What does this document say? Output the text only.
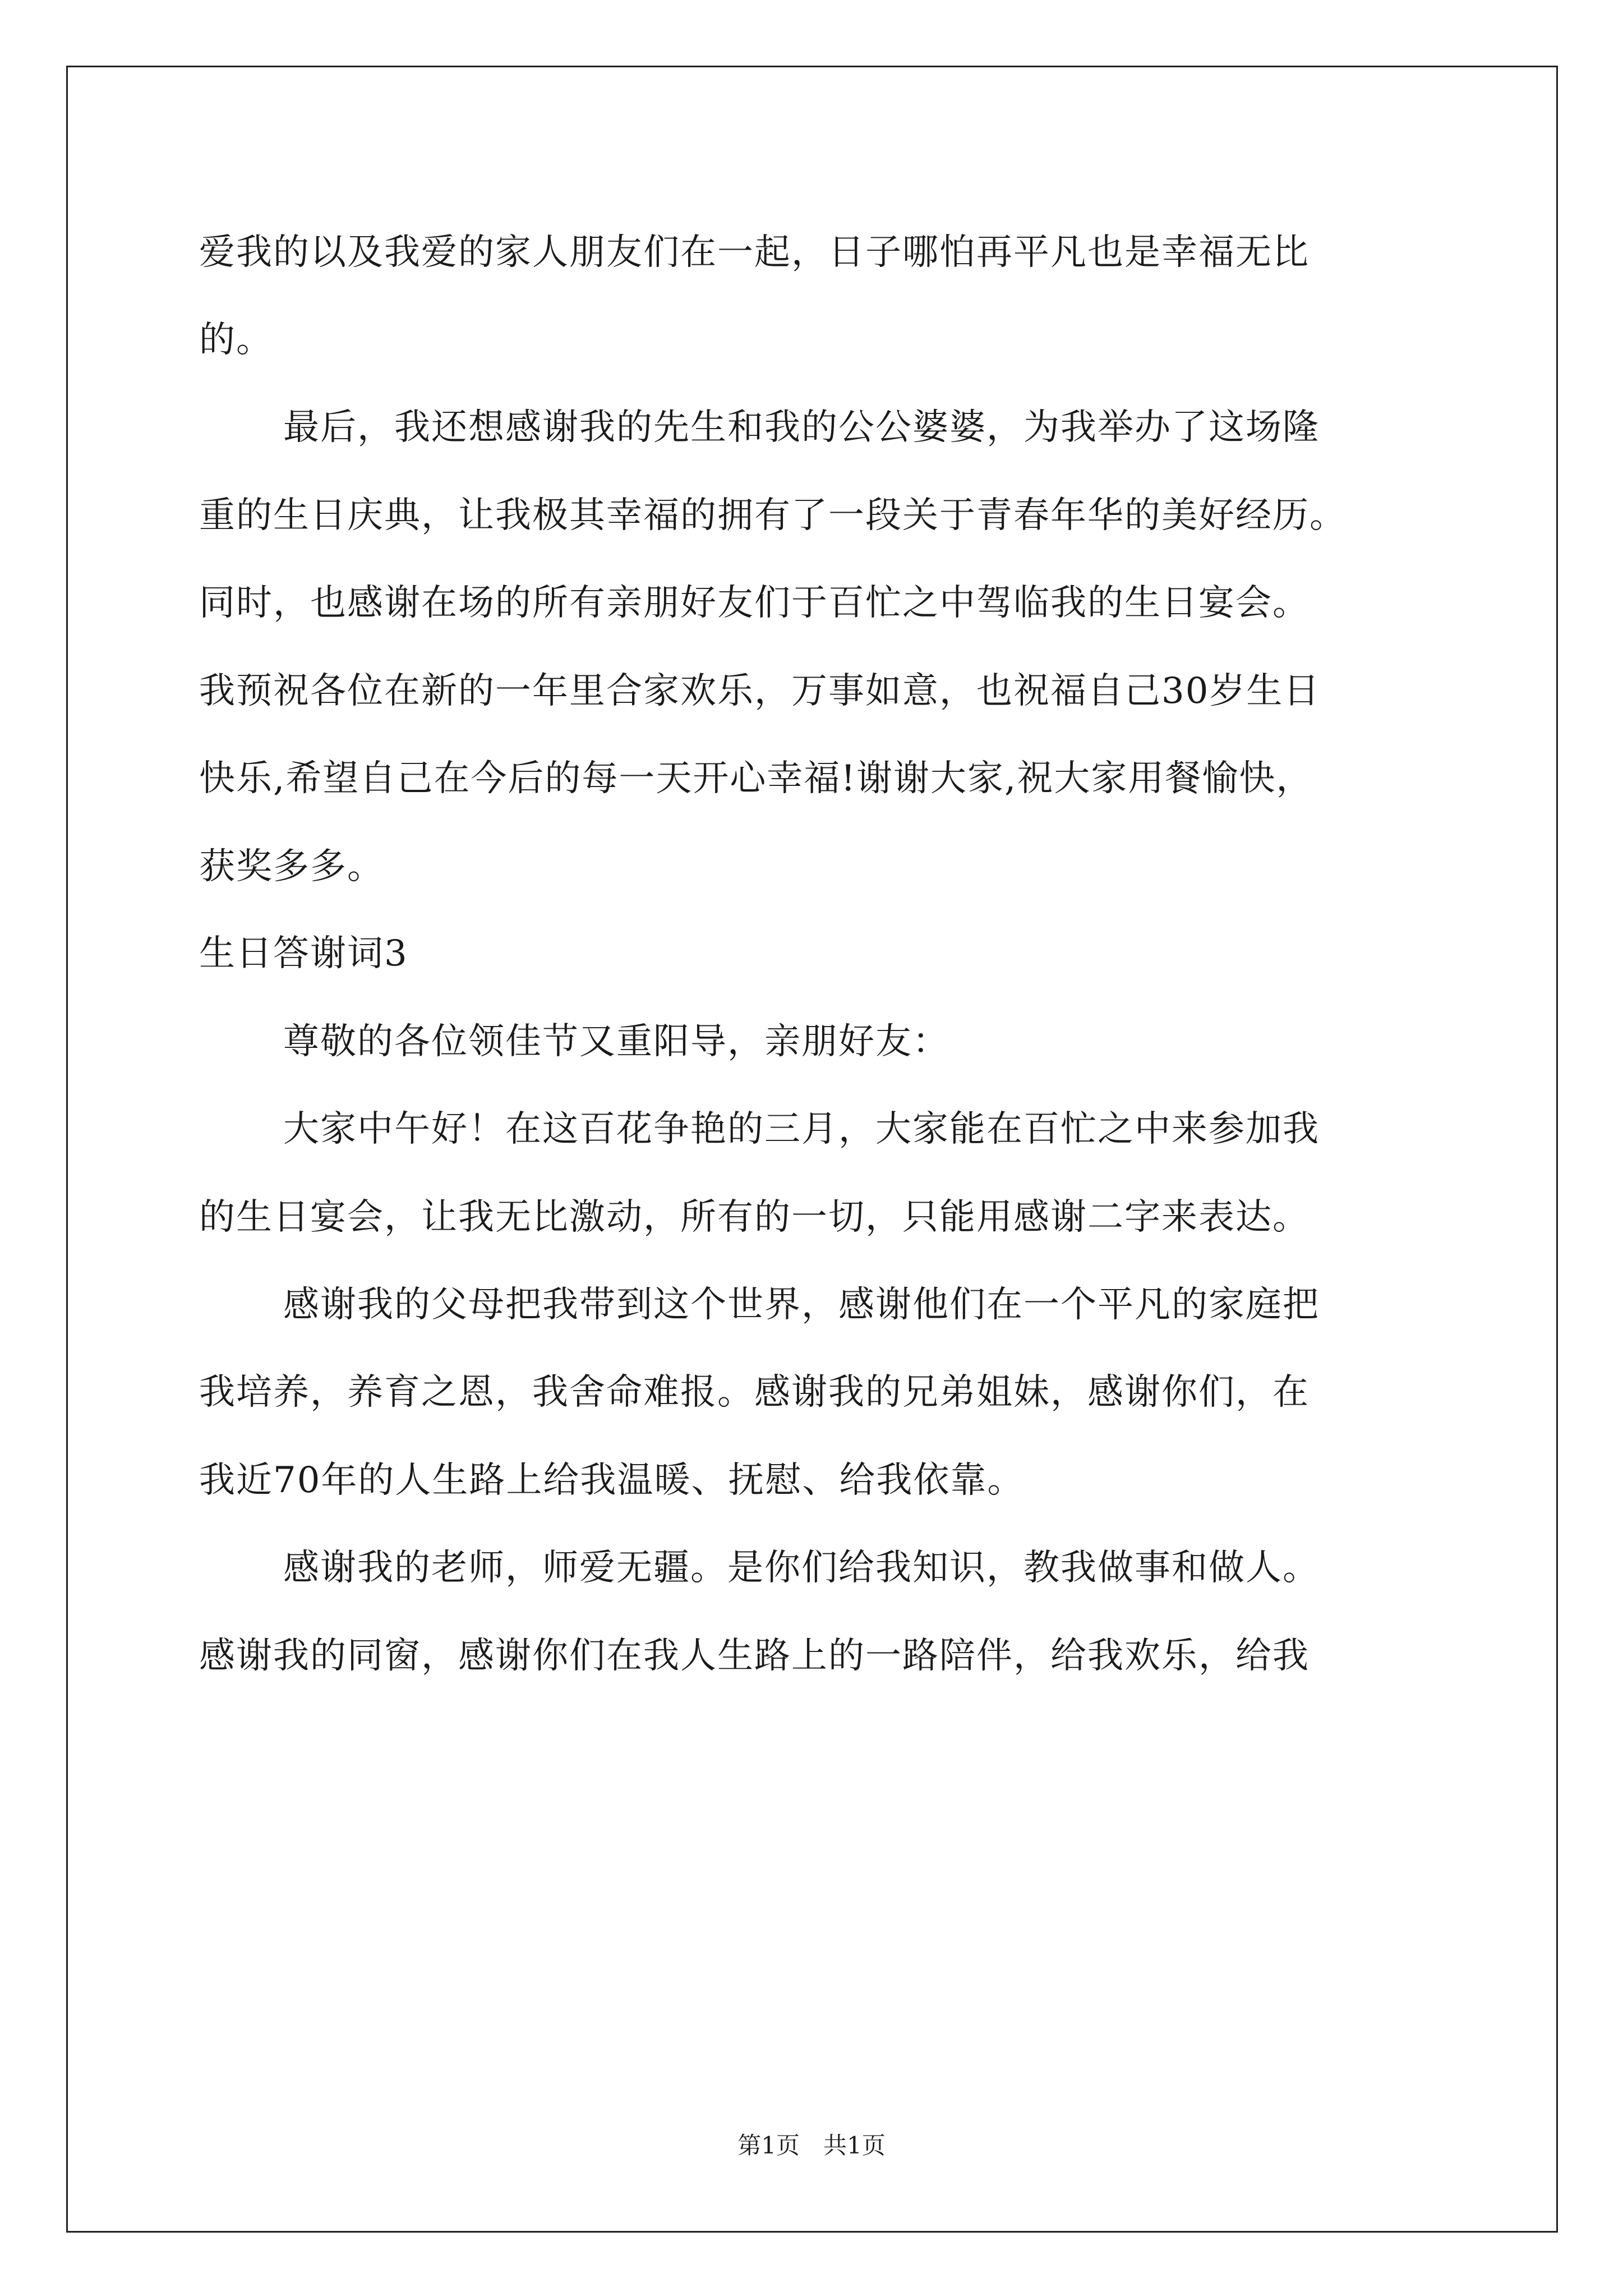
爱我的以及我爱的家人朋友们在一起，日子哪怕再平凡也是幸福无比
的。
最后，我还想感谢我的先生和我的公公婆婆，为我举办了这场隆
重的生日庆典，让我极其幸福的拥有了一段关于青春年华的美好经历。
同时，也感谢在场的所有亲朋好友们于百忙之中驾临我的生日宴会。
我预祝各位在新的一年里合家欢乐，万事如意，也祝福自己30岁生日
快乐,希望自己在今后的每一天开心幸福!谢谢大家,祝大家用餐愉快，
获奖多多。
生日答谢词3
尊敬的各位领佳节又重阳导，亲朋好友：
大家中午好！在这百花争艳的三月，大家能在百忙之中来参加我
的生日宴会，让我无比激动，所有的一切，只能用感谢二字来表达。
感谢我的父母把我带到这个世界，感谢他们在一个平凡的家庭把
我培养，养育之恩，我舍命难报。感谢我的兄弟姐妹，感谢你们，在
我近70年的人生路上给我温暖、抚慰、给我依靠。
感谢我的老师，师爱无疆。是你们给我知识，教我做事和做人。
感谢我的同窗，感谢你们在我人生路上的一路陪伴，给我欢乐，给我
第1页　共1页
